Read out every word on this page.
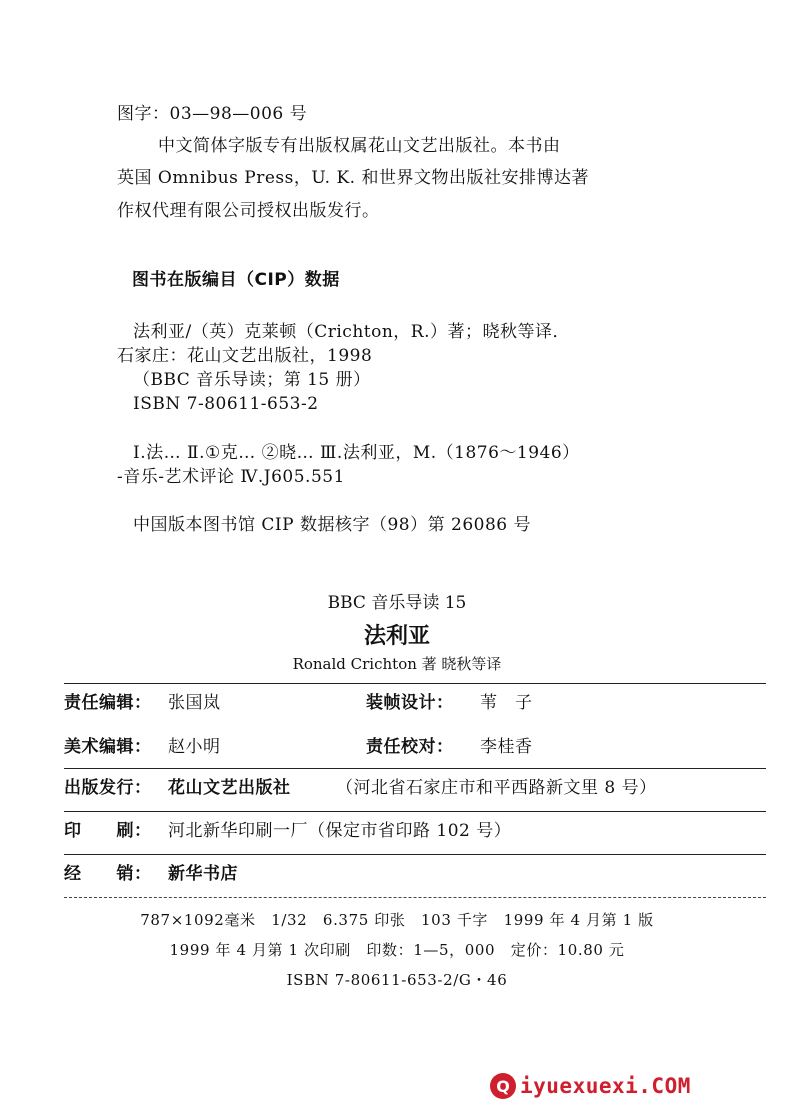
图字：03—98—006 号
中文简体字版专有出版权属花山文艺出版社。本书由
英国 Omnibus Press，U. K. 和世界文物出版社安排博达著
作权代理有限公司授权出版发行。
图书在版编目（CIP）数据
法利亚/（英）克莱顿（Crichton，R.）著；晓秋等译．
石家庄：花山文艺出版社，1998
（BBC 音乐导读；第 15 册）
ISBN 7-80611-653-2
Ⅰ.法… Ⅱ.①克… ②晓… Ⅲ.法利亚，M.（1876～1946）
-音乐-艺术评论 Ⅳ.J605.551
中国版本图书馆 CIP 数据核字（98）第 26086 号
BBC 音乐导读 15
法利亚
Ronald Crichton 著 晓秋等译
责任编辑： 张国岚	装帧设计： 苇　子
美术编辑： 赵小明	责任校对： 李桂香
出版发行： 花山文艺出版社	（河北省石家庄市和平西路新文里 8 号）
印　　刷： 河北新华印刷一厂（保定市省印路 102 号）
经　　销： 新华书店
787×1092毫米　1/32　6.375 印张　103 千字　1999 年 4 月第 1 版
1999 年 4 月第 1 次印刷　印数：1—5，000　定价：10.80 元
ISBN 7-80611-653-2/G・46
Q iyuexuexi.COM
